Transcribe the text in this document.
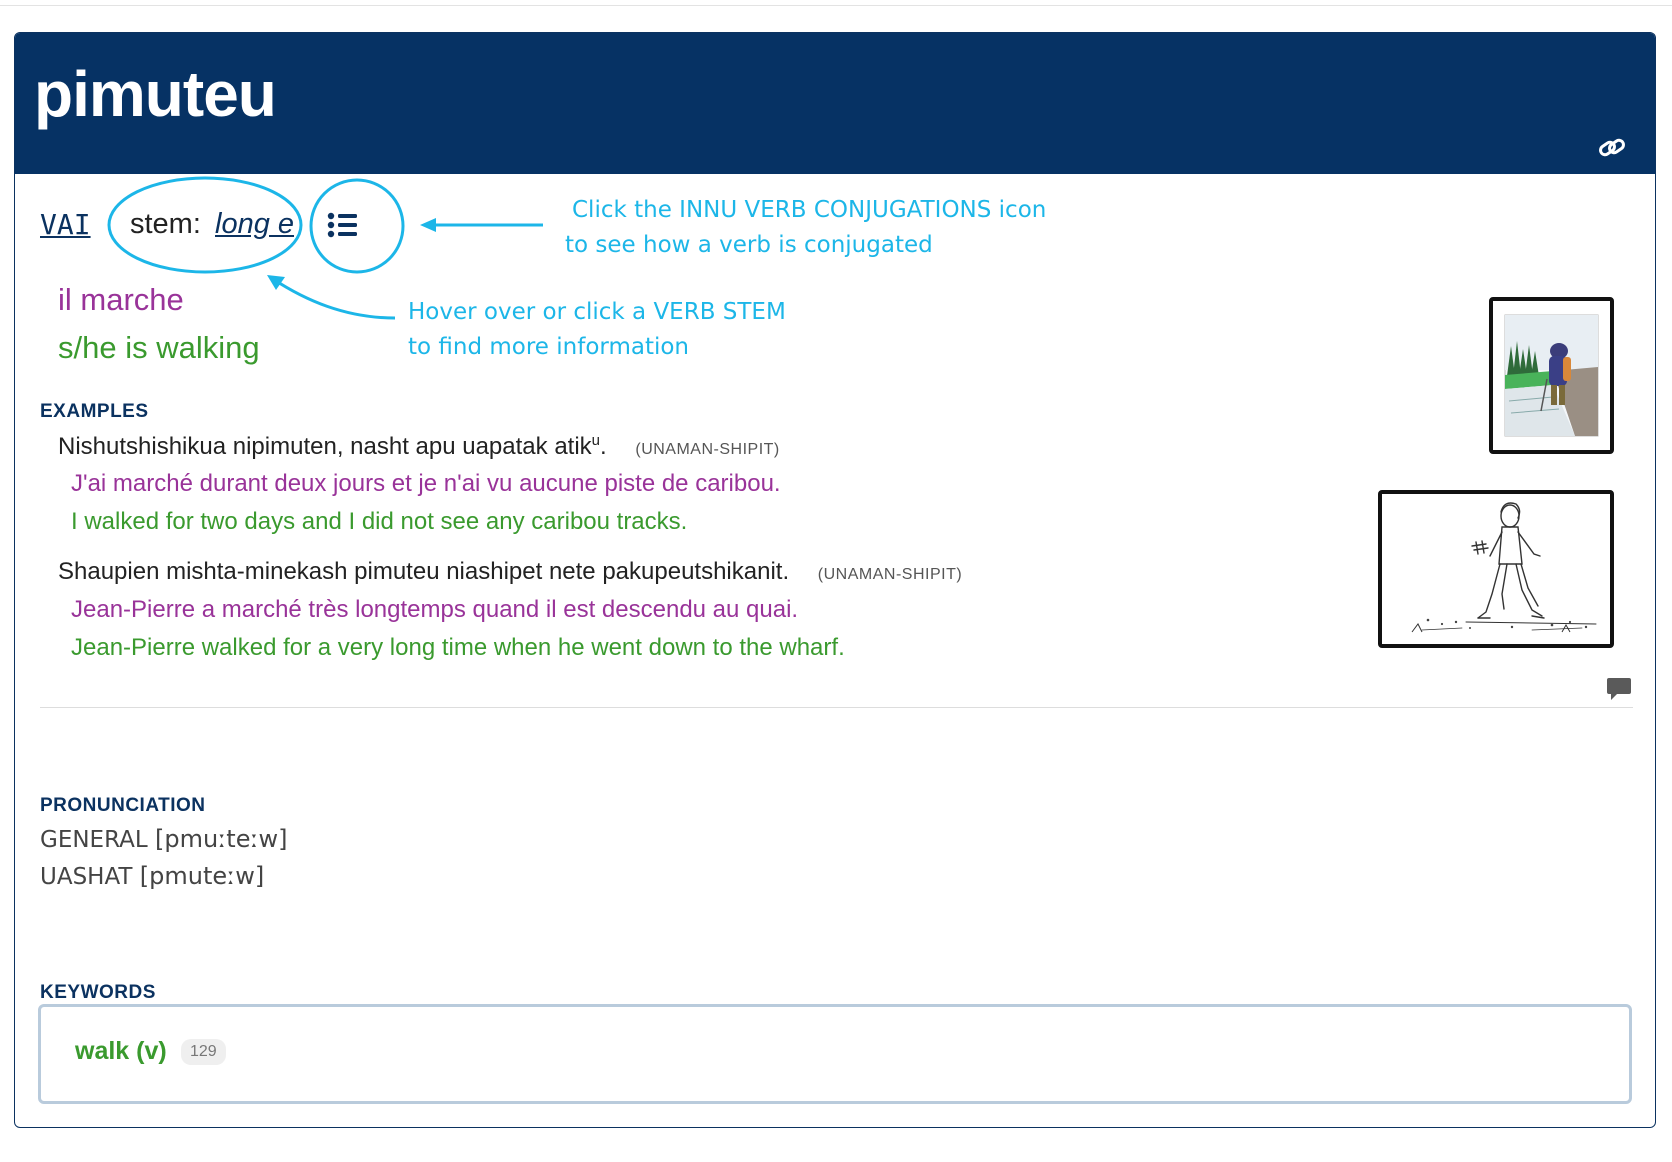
pimuteu
VAI stem: long e	Click the INNU VERB CONJUGATIONS icon
to see how a verb is conjugated
Hover over or click a VERB STEM
to find more information
il marche
s/he is walking
EXAMPLES
Nishutshishikua nipimuten, nasht apu uapatak atik$^u$. (UNAMAN-SHIPIT)
J'ai marché durant deux jours et je n'ai vu aucune piste de caribou.
I walked for two days and I did not see any caribou tracks.
Shaupien mishta-minekash pimuteu niashipet nete pakupeutshikanit. (UNAMAN-SHIPIT)
Jean-Pierre a marché très longtemps quand il est descendu au quai.
Jean-Pierre walked for a very long time when he went down to the wharf.
PRONUNCIATION
GENERAL [pmuːteːw]
UASHAT [pmuteːw]
KEYWORDS
walk (v)	129
